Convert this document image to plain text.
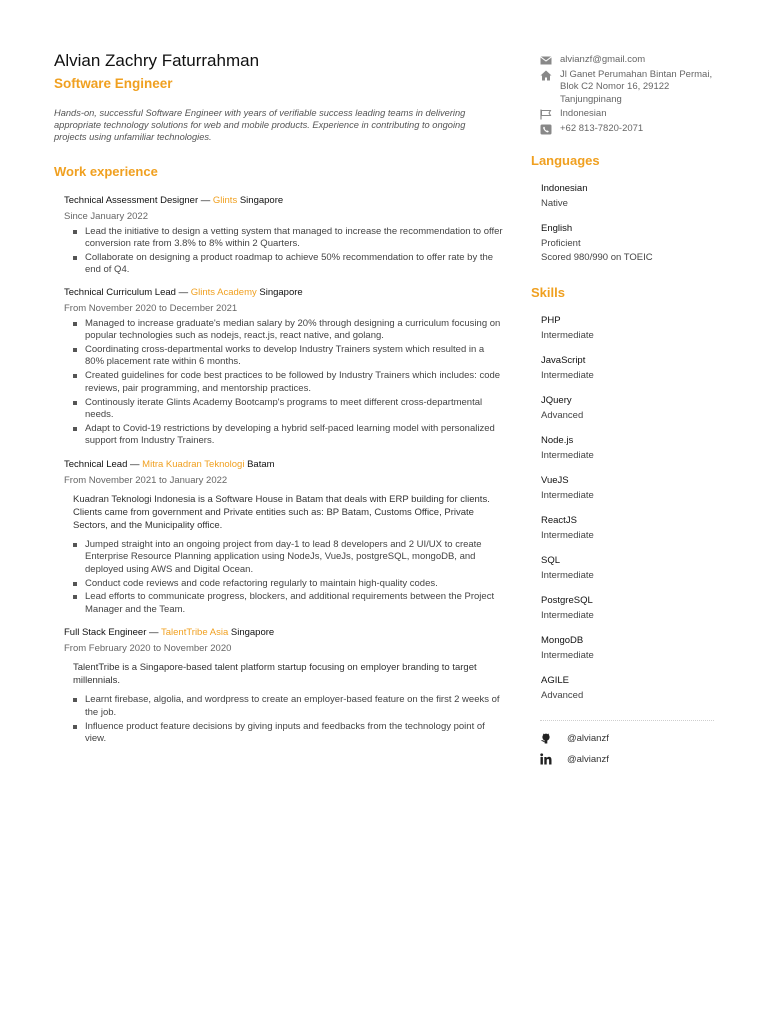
Alvian Zachry Faturrahman
Software Engineer
Hands-on, successful Software Engineer with years of verifiable success leading teams in delivering appropriate technology solutions for web and mobile products. Experience in contributing to ongoing projects using unfamiliar technologies.
Work experience
Technical Assessment Designer — Glints Singapore
Since January 2022
Lead the initiative to design a vetting system that managed to increase the recommendation to offer conversion rate from 3.8% to 8% within 2 Quarters.
Collaborate on designing a product roadmap to achieve 50% recommendation to offer rate by the end of Q4.
Technical Curriculum Lead — Glints Academy Singapore
From November 2020 to December 2021
Managed to increase graduate's median salary by 20% through designing a curriculum focusing on popular technologies such as nodejs, react.js, react native, and golang.
Coordinating cross-departmental works to develop Industry Trainers system which resulted in a 80% placement rate within 6 months.
Created guidelines for code best practices to be followed by Industry Trainers which includes: code reviews, pair programming, and mentorship practices.
Continously iterate Glints Academy Bootcamp's programs to meet different cross-departmental needs.
Adapt to Covid-19 restrictions by developing a hybrid self-paced learning model with personalized support from Industry Trainers.
Technical Lead — Mitra Kuadran Teknologi Batam
From November 2021 to January 2022
Kuadran Teknologi Indonesia is a Software House in Batam that deals with ERP building for clients. Clients came from government and Private entities such as: BP Batam, Customs Office, Private Sectors, and the Municipality office.
Jumped straight into an ongoing project from day-1 to lead 8 developers and 2 UI/UX to create Enterprise Resource Planning application using NodeJs, VueJs, postgreSQL, mongoDB, and deployed using AWS and Digital Ocean.
Conduct code reviews and code refactoring regularly to maintain high-quality codes.
Lead efforts to communicate progress, blockers, and additional requirements between the Project Manager and the Team.
Full Stack Engineer — TalentTribe Asia Singapore
From February 2020 to November 2020
TalentTribe is a Singapore-based talent platform startup focusing on employer branding to target millennials.
Learnt firebase, algolia, and wordpress to create an employer-based feature on the first 2 weeks of the job.
Influence product feature decisions by giving inputs and feedbacks from the technology point of view.
alvianzf@gmail.com
Jl Ganet Perumahan Bintan Permai, Blok C2 Nomor 16, 29122 Tanjungpinang
Indonesian
+62 813-7820-2071
Languages
Indonesian
Native
English
Proficient
Scored 980/990 on TOEIC
Skills
PHP
Intermediate
JavaScript
Intermediate
JQuery
Advanced
Node.js
Intermediate
VueJS
Intermediate
ReactJS
Intermediate
SQL
Intermediate
PostgreSQL
Intermediate
MongoDB
Intermediate
AGILE
Advanced
@alvianzf
@alvianzf
